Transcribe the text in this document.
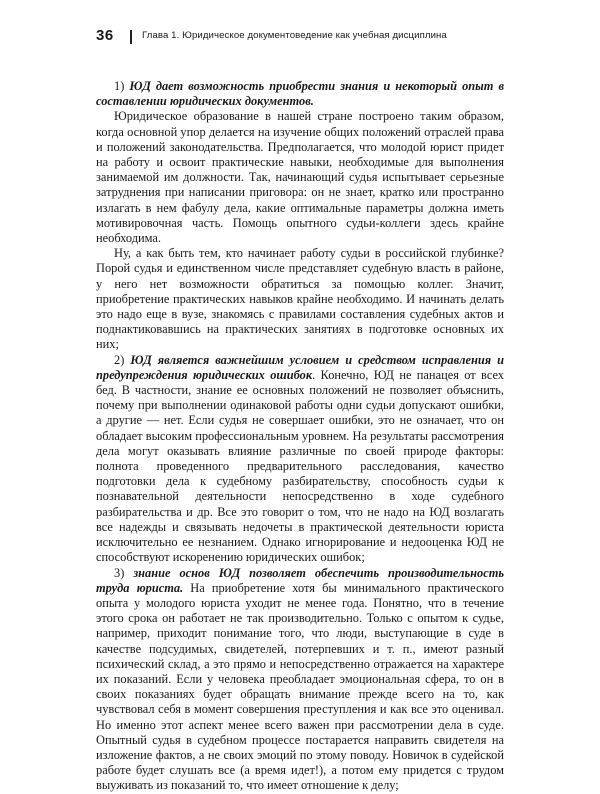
36	Глава 1. Юридическое документоведение как учебная дисциплина

1) ЮД дает возможность приобрести знания и некоторый опыт в составлении юридических документов.

Юридическое образование в нашей стране построено таким образом, когда основной упор делается на изучение общих положений отраслей права и положений законодательства. Предполагается, что молодой юрист придет на работу и освоит практические навыки, необходимые для выполнения занимаемой им должности. Так, начинающий судья испытывает серьезные затруднения при написании приговора: он не знает, кратко или пространно излагать в нем фабулу дела, какие оптимальные параметры должна иметь мотивировочная часть. Помощь опытного судьи-коллеги здесь крайне необходима.

Ну, а как быть тем, кто начинает работу судьи в российской глубинке? Порой судья и единственном числе представляет судебную власть в районе, у него нет возможности обратиться за помощью коллег. Значит, приобретение практических навыков крайне необходимо. И начинать делать это надо еще в вузе, знакомясь с правилами составления судебных актов и поднактиковавшись на практических занятиях в подготовке основных их них;

2) ЮД является важнейшим условием и средством исправления и предупреждения юридических ошибок. Конечно, ЮД не панацея от всех бед. В частности, знание ее основных положений не позволяет объяснить, почему при выполнении одинаковой работы одни судьи допускают ошибки, а другие — нет. Если судья не совершает ошибки, это не означает, что он обладает высоким профессиональным уровнем. На результаты рассмотрения дела могут оказывать влияние различные по своей природе факторы: полнота проведенного предварительного расследования, качество подготовки дела к судебному разбирательству, способность судьи к познавательной деятельности непосредственно в ходе судебного разбирательства и др. Все это говорит о том, что не надо на ЮД возлагать все надежды и связывать недочеты в практической деятельности юриста исключительно ее незнанием. Однако игнорирование и недооценка ЮД не способствуют искоренению юридических ошибок;

3) знание основ ЮД позволяет обеспечить производительность труда юриста. На приобретение хотя бы минимального практического опыта у молодого юриста уходит не менее года. Понятно, что в течение этого срока он работает не так производительно. Только с опытом к судье, например, приходит понимание того, что люди, выступающие в суде в качестве подсудимых, свидетелей, потерпевших и т. п., имеют разный психический склад, а это прямо и непосредственно отражается на характере их показаний. Если у человека преобладает эмоциональная сфера, то он в своих показаниях будет обращать внимание прежде всего на то, как чувствовал себя в момент совершения преступления и как все это оценивал. Но именно этот аспект менее всего важен при рассмотрении дела в суде. Опытный судья в судебном процессе постарается направить свидетеля на изложение фактов, а не своих эмоций по этому поводу. Новичок в судейской работе будет слушать все (а время идет!), а потом ему придется с трудом выуживать из показаний то, что имеет отношение к делу;
